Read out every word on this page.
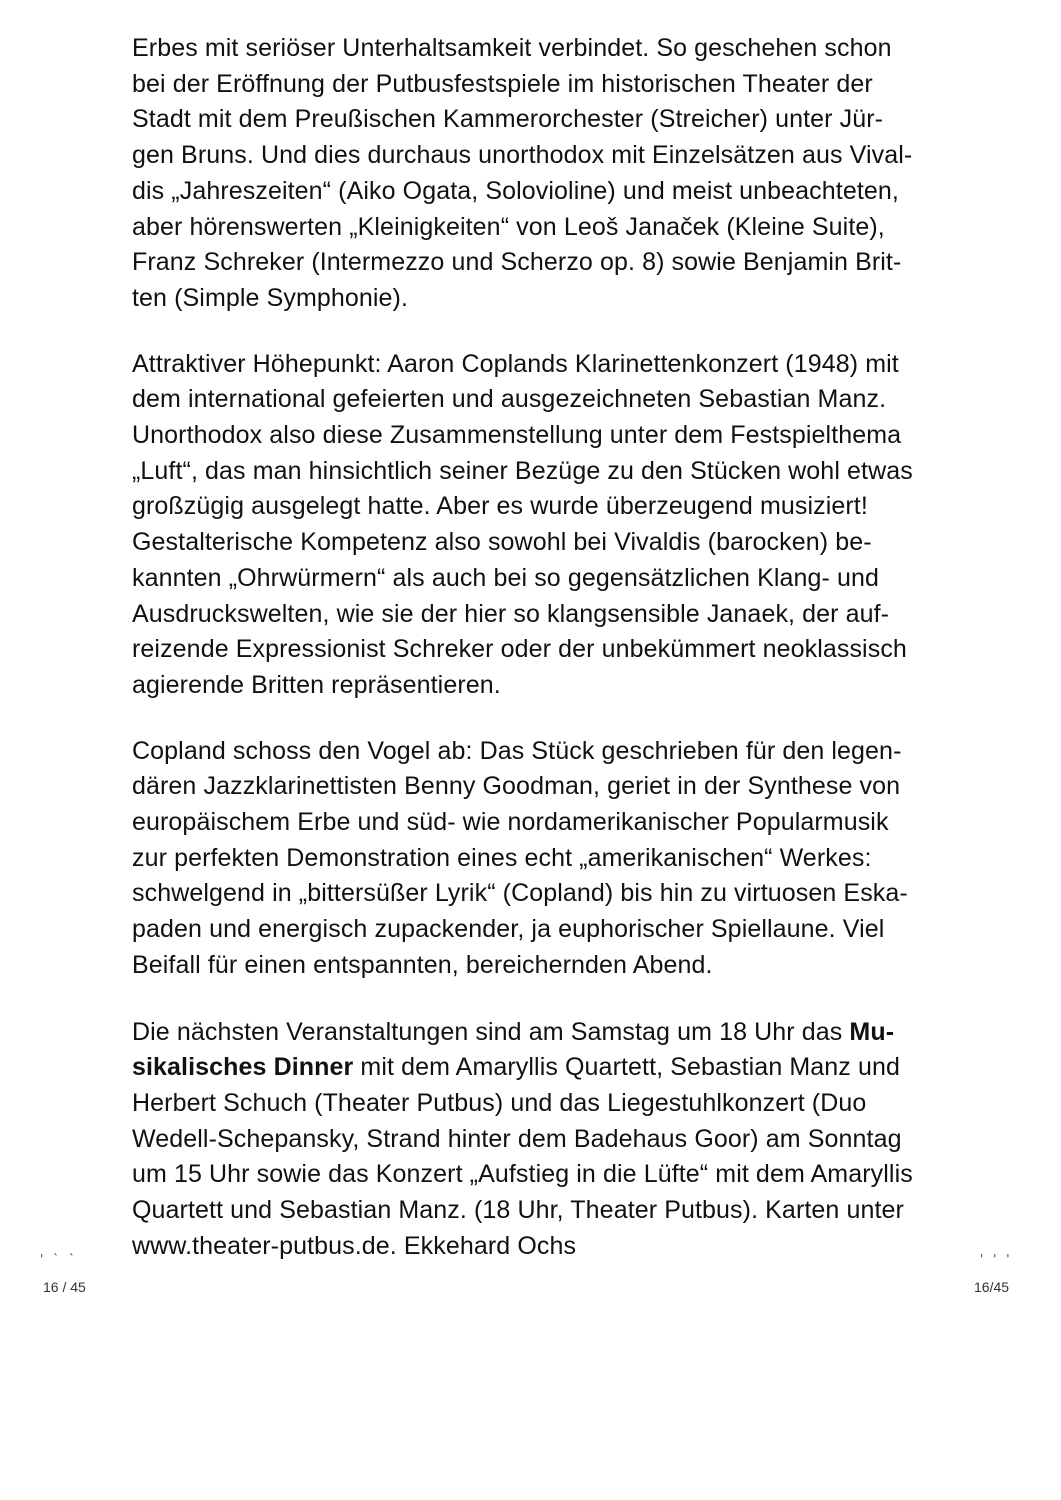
Erbes mit seriöser Unterhaltsamkeit verbindet. So geschehen schon
bei der Eröffnung der Putbusfestspiele im historischen Theater der
Stadt mit dem Preußischen Kammerorchester (Streicher) unter Jür-
gen Bruns. Und dies durchaus unorthodox mit Einzelsätzen aus Vival-
dis „Jahreszeiten“ (Aiko Ogata, Solovioline) und meist unbeachteten,
aber hörenswerten „Kleinigkeiten“ von Leoš Janaček (Kleine Suite),
Franz Schreker (Intermezzo und Scherzo op. 8) sowie Benjamin Brit-
ten (Simple Symphonie).

Attraktiver Höhepunkt: Aaron Coplands Klarinettenkonzert (1948) mit
dem international gefeierten und ausgezeichneten Sebastian Manz.
Unorthodox also diese Zusammenstellung unter dem Festspielthema
„Luft“, das man hinsichtlich seiner Bezüge zu den Stücken wohl etwas
großzügig ausgelegt hatte. Aber es wurde überzeugend musiziert!
Gestalterische Kompetenz also sowohl bei Vivaldis (barocken) be-
kannten „Ohrwürmern“ als auch bei so gegensätzlichen Klang- und
Ausdruckswelten, wie sie der hier so klangsensible Janaek, der auf-
reizende Expressionist Schreker oder der unbekümmert neoklassisch
agierende Britten repräsentieren.

Copland schoss den Vogel ab: Das Stück geschrieben für den legen-
dären Jazzklarinettisten Benny Goodman, geriet in der Synthese von
europäischem Erbe und süd- wie nordamerikanischer Popularmusik
zur perfekten Demonstration eines echt „amerikanischen“ Werkes:
schwelgend in „bittersüßer Lyrik“ (Copland) bis hin zu virtuosen Eska-
paden und energisch zupackender, ja euphorischer Spiellaune. Viel
Beifall für einen entspannten, bereichernden Abend.

Die nächsten Veranstaltungen sind am Samstag um 18 Uhr das Mu-
sikalisches Dinner mit dem Amaryllis Quartett, Sebastian Manz und
Herbert Schuch (Theater Putbus) und das Liegestuhlkonzert (Duo
Wedell-Schepansky, Strand hinter dem Badehaus Goor) am Sonntag
um 15 Uhr sowie das Konzert „Aufstieg in die Lüfte“ mit dem Amaryllis
Quartett und Sebastian Manz. (18 Uhr, Theater Putbus). Karten unter
www.theater-putbus.de. Ekkehard Ochs

' ` `	' ' '
16 / 45	16/45
